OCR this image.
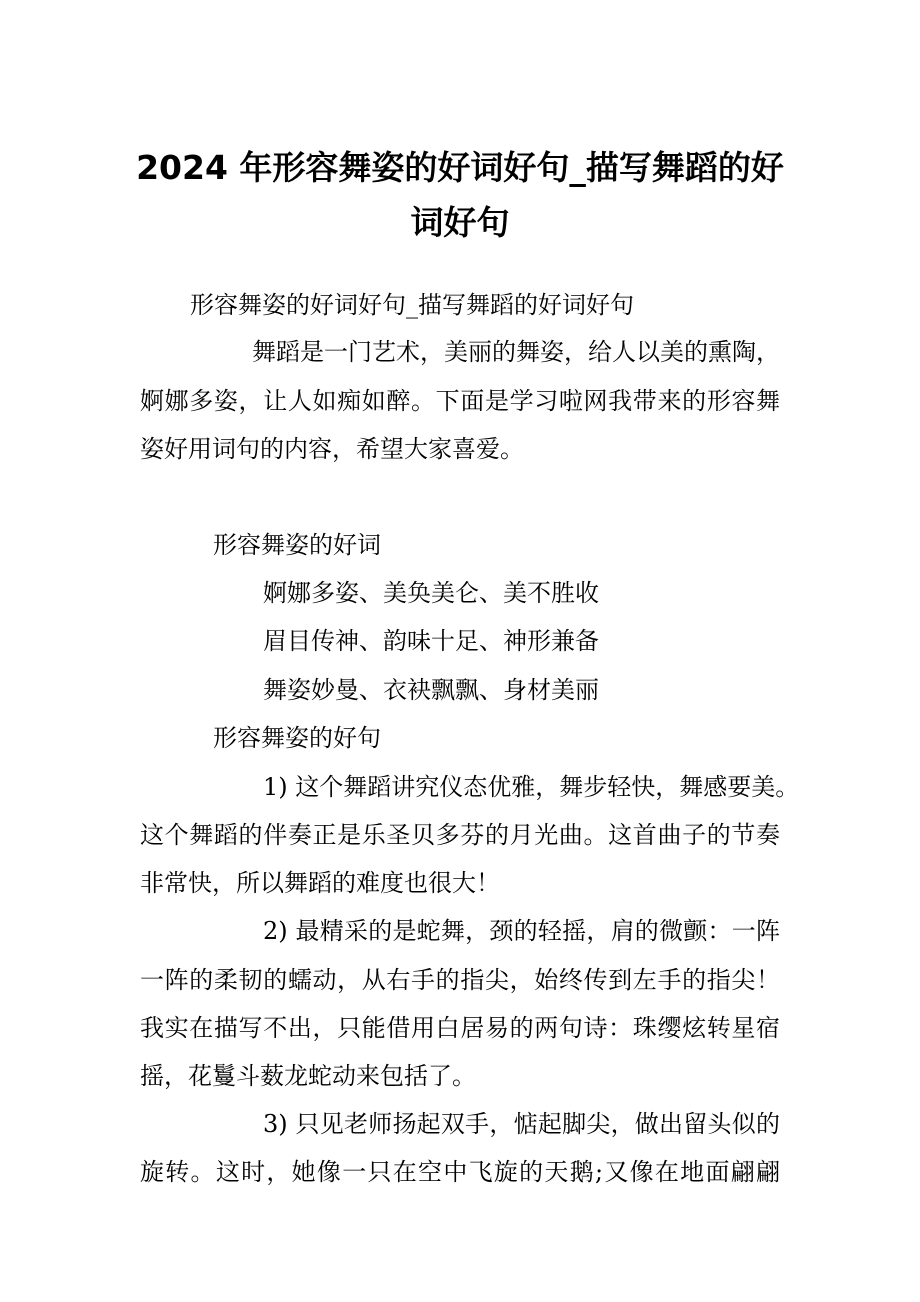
2024 年形容舞姿的好词好句_描写舞蹈的好
词好句

形容舞姿的好词好句_描写舞蹈的好词好句

舞蹈是一门艺术，美丽的舞姿，给人以美的熏陶，

婀娜多姿，让人如痴如醉。下面是学习啦网我带来的形容舞

姿好用词句的内容，希望大家喜爱。

形容舞姿的好词

婀娜多姿、美奂美仑、美不胜收

眉目传神、韵味十足、神形兼备

舞姿妙曼、衣袂飘飘、身材美丽

形容舞姿的好句

1) 这个舞蹈讲究仪态优雅，舞步轻快，舞感要美。

这个舞蹈的伴奏正是乐圣贝多芬的月光曲。这首曲子的节奏

非常快，所以舞蹈的难度也很大！

2) 最精采的是蛇舞，颈的轻摇，肩的微颤：一阵

一阵的柔韧的蠕动，从右手的指尖，始终传到左手的指尖！

我实在描写不出，只能借用白居易的两句诗：珠缨炫转星宿

摇，花鬘斗薮龙蛇动来包括了。

3) 只见老师扬起双手，惦起脚尖，做出留头似的

旋转。这时，她像一只在空中飞旋的天鹅;又像在地面翩翩
